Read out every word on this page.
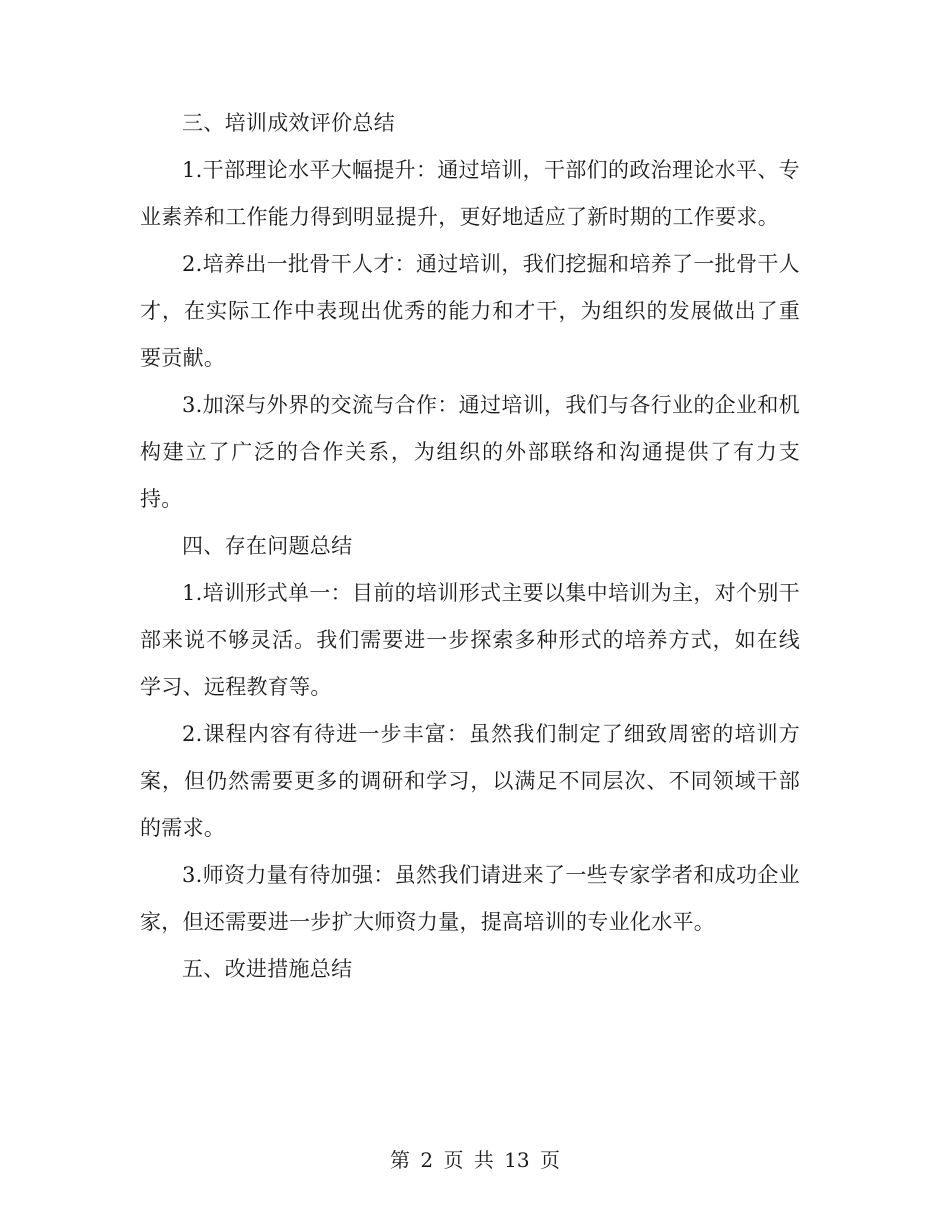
三、培训成效评价总结

1.干部理论水平大幅提升：通过培训，干部们的政治理论水平、专业素养和工作能力得到明显提升，更好地适应了新时期的工作要求。

2.培养出一批骨干人才：通过培训，我们挖掘和培养了一批骨干人才，在实际工作中表现出优秀的能力和才干，为组织的发展做出了重要贡献。

3.加深与外界的交流与合作：通过培训，我们与各行业的企业和机构建立了广泛的合作关系，为组织的外部联络和沟通提供了有力支持。

四、存在问题总结

1.培训形式单一：目前的培训形式主要以集中培训为主，对个别干部来说不够灵活。我们需要进一步探索多种形式的培养方式，如在线学习、远程教育等。

2.课程内容有待进一步丰富：虽然我们制定了细致周密的培训方案，但仍然需要更多的调研和学习，以满足不同层次、不同领域干部的需求。

3.师资力量有待加强：虽然我们请进来了一些专家学者和成功企业家，但还需要进一步扩大师资力量，提高培训的专业化水平。

五、改进措施总结

第 2 页 共 13 页
